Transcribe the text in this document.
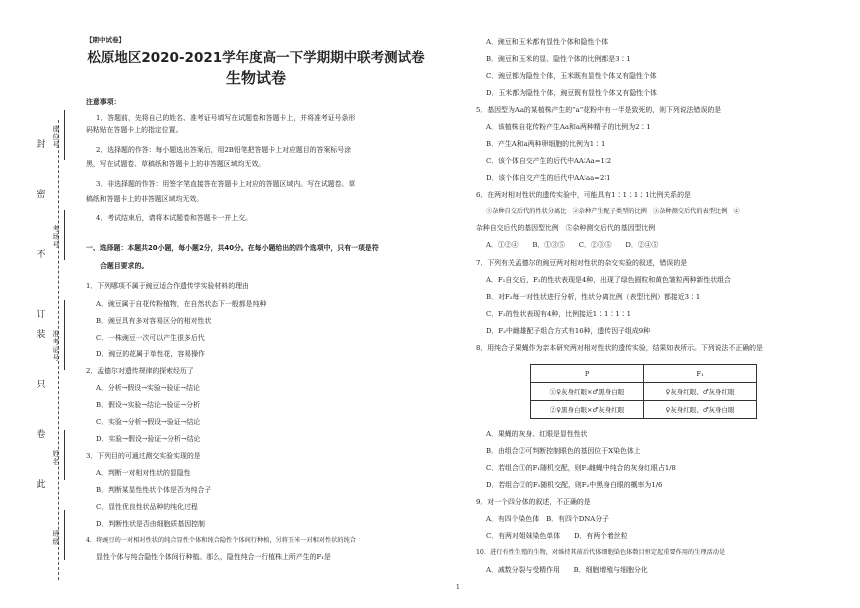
封
密
不
订
装
只
卷
此
座位号
考场号
准考证号
姓名
班级
【期中试卷】
松原地区2020-2021学年度高一下学期期中联考测试卷
生物试卷
注意事项：
1．答题前，先将自己的姓名、准考证号填写在试题卷和答题卡上，并将准考证号条形
码粘贴在答题卡上的指定位置。
2．选择题的作答：每小题选出答案后，用2B铅笔把答题卡上对应题目的答案标号涂
黑，写在试题卷、草稿纸和答题卡上的非答题区域均无效。
3．非选择题的作答：用签字笔直接答在答题卡上对应的答题区域内。写在试题卷、草
稿纸和答题卡上的非答题区域均无效。
4．考试结束后，请将本试题卷和答题卡一并上交。
一、选择题：本题共20小题，每小题2分，共40分。在每小题给出的四个选项中，只有一项是符
合题目要求的。
1．下列哪项不属于豌豆适合作遗传学实验材料的理由
A．豌豆属于自花传粉植物，在自然状态下一般都是纯种
B．豌豆具有多对容易区分的相对性状
C．一株豌豆一次可以产生很多后代
D．豌豆的花属于单性花，容易操作
2．孟德尔对遗传规律的探索经历了
A．分析→假设→实验→验证→结论
B．假设→实验→结论→验证→分析
C．实验→分析→假设→验证→结论
D．实验→假设→验证→分析→结论
3．下列目的可通过测交实验实现的是
A．判断一对相对性状的显隐性
B．判断某显性性状个体是否为纯合子
C．显性优良性状品种的纯化过程
D．判断性状是否由细胞质基因控制
4．将豌豆的一对相对性状的纯合显性个体和纯合隐性个体间行种植，另将玉米一对相对性状的纯合
显性个体与纯合隐性个体间行种植。那么，隐性纯合一行植株上所产生的F₁是
A．豌豆和玉米都有显性个体和隐性个体
B．豌豆和玉米的显、隐性个体的比例都是3∶1
C．豌豆都为隐性个体，玉米既有显性个体又有隐性个体
D．玉米都为隐性个体，豌豆既有显性个体又有隐性个体
5．基因型为Aa的某植株产生的“a”花粉中有一半是致死的，则下列说法错误的是
A．该植株自花传粉产生Aa和a两种精子的比例为2∶1
B．产生A和a两种卵细胞的比例为1∶1
C．该个体自交产生的后代中AA∶Aa=1∶2
D．该个体自交产生的后代中AA∶aa=2∶1
6．在两对相对性状的遗传实验中，可能具有1∶1∶1∶1比例关系的是
①杂种自交后代的性状分离比　②杂种产生配子类型的比例　③杂种测交后代的表型比例　④
杂种自交后代的基因型比例　⑤杂种测交后代的基因型比例
A．①②④　　B．①③⑤　　C．②③⑤　　D．②④⑤
7．下列有关孟德尔的豌豆两对相对性状的杂交实验的叙述，错误的是
A．F₁自交后，F₂的性状表现是4种，出现了绿色圆粒和黄色皱粒两种新性状组合
B．对F₂每一对性状进行分析，性状分离比例（表型比例）都接近3∶1
C．F₂的性状表现有4种，比例接近1∶1∶1∶1
D．F₂中雌雄配子组合方式有16种，遗传因子组成9种
8．用纯合子果蝇作为亲本研究两对相对性状的遗传实验，结果如表所示。下列说法不正确的是
P	F₁
①♀灰身红眼×♂黑身白眼	♀灰身红眼、♂灰身红眼
②♀黑身白眼×♂灰身红眼	♀灰身红眼、♂灰身白眼
A．果蝇的灰身、红眼是显性性状
B．由组合②可判断控制眼色的基因位于X染色体上
C．若组合①的F₁随机交配，则F₂雌蝇中纯合的灰身红眼占1/8
D．若组合②的F₁随机交配，则F₂中黑身白眼的概率为1/6
9．对一个四分体的叙述，不正确的是
A．有四个染色体　B．有四个DNA分子
C．有两对姐妹染色单体　　D．有两个着丝粒
10．进行有性生殖的生物，对维持其前后代体细胞染色体数目恒定起重要作用的生理活动是
A．减数分裂与受精作用　　B．细胞增殖与细胞分化
1
